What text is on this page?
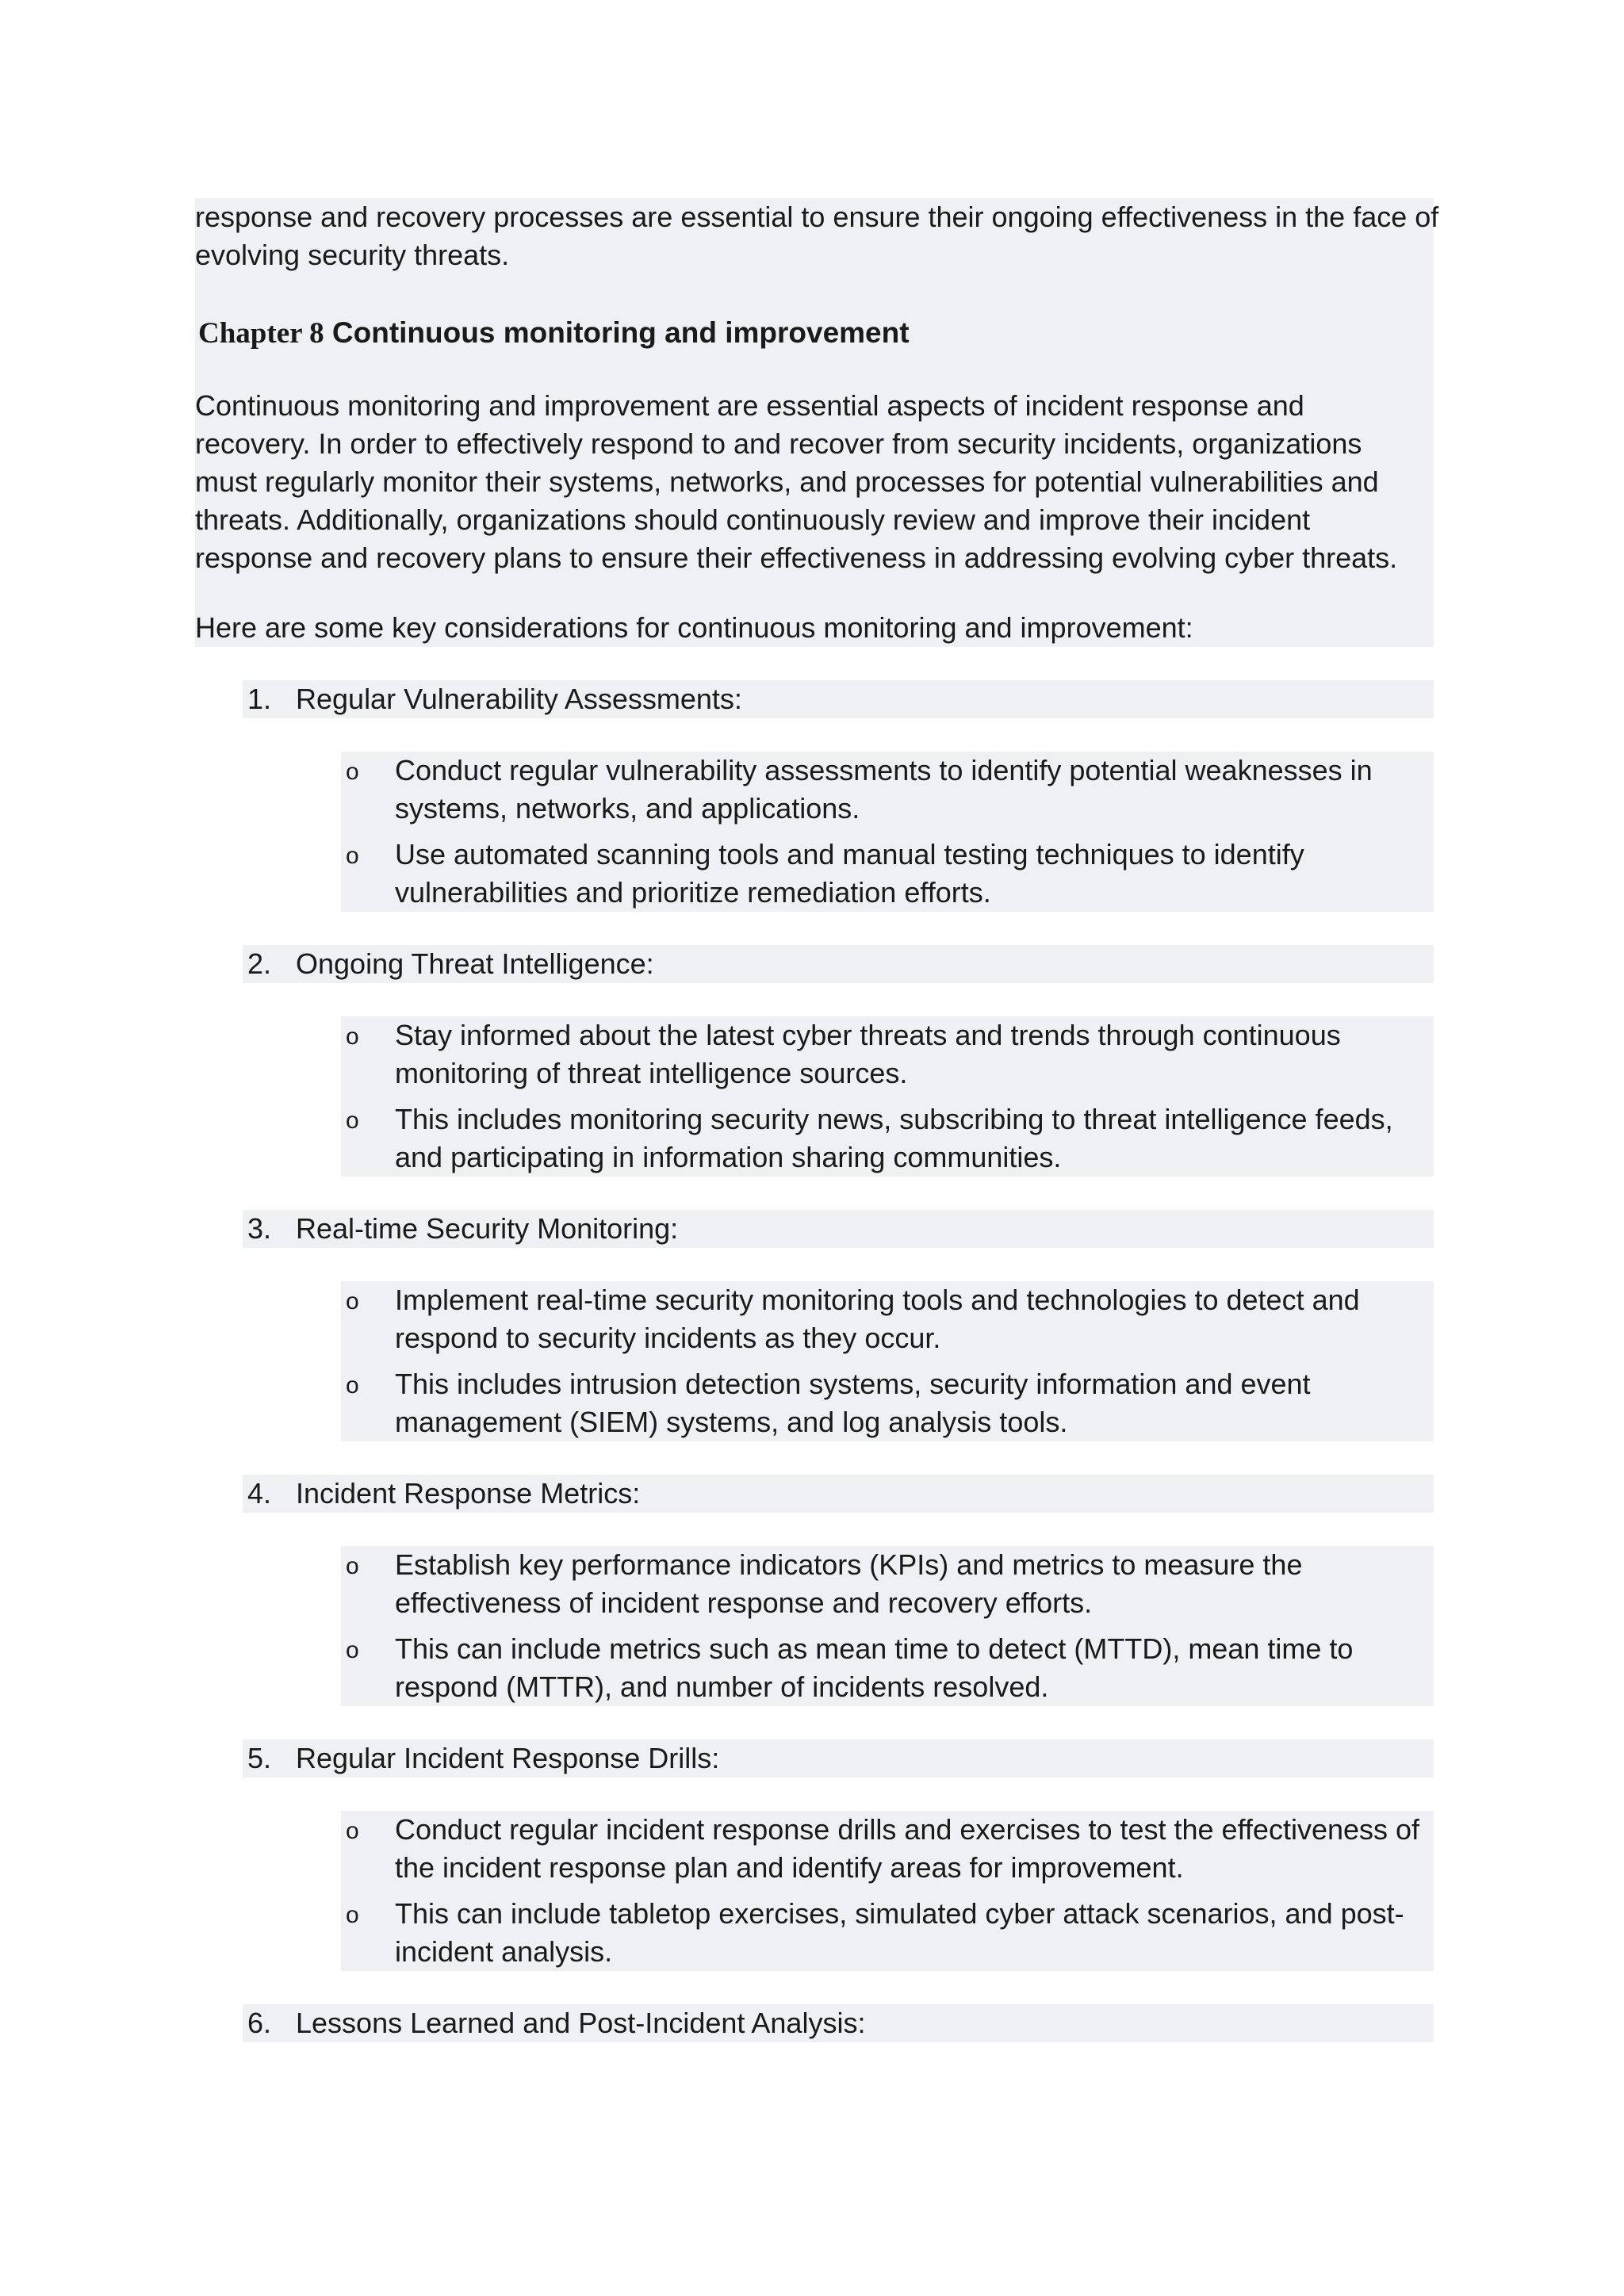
response and recovery processes are essential to ensure their ongoing effectiveness in the face of
evolving security threats.

Chapter 8 Continuous monitoring and improvement

Continuous monitoring and improvement are essential aspects of incident response and
recovery. In order to effectively respond to and recover from security incidents, organizations
must regularly monitor their systems, networks, and processes for potential vulnerabilities and
threats. Additionally, organizations should continuously review and improve their incident
response and recovery plans to ensure their effectiveness in addressing evolving cyber threats.

Here are some key considerations for continuous monitoring and improvement:

1. Regular Vulnerability Assessments:
o Conduct regular vulnerability assessments to identify potential weaknesses in
systems, networks, and applications.
o Use automated scanning tools and manual testing techniques to identify
vulnerabilities and prioritize remediation efforts.
2. Ongoing Threat Intelligence:
o Stay informed about the latest cyber threats and trends through continuous
monitoring of threat intelligence sources.
o This includes monitoring security news, subscribing to threat intelligence feeds,
and participating in information sharing communities.
3. Real-time Security Monitoring:
o Implement real-time security monitoring tools and technologies to detect and
respond to security incidents as they occur.
o This includes intrusion detection systems, security information and event
management (SIEM) systems, and log analysis tools.
4. Incident Response Metrics:
o Establish key performance indicators (KPIs) and metrics to measure the
effectiveness of incident response and recovery efforts.
o This can include metrics such as mean time to detect (MTTD), mean time to
respond (MTTR), and number of incidents resolved.
5. Regular Incident Response Drills:
o Conduct regular incident response drills and exercises to test the effectiveness of
the incident response plan and identify areas for improvement.
o This can include tabletop exercises, simulated cyber attack scenarios, and post-
incident analysis.
6. Lessons Learned and Post-Incident Analysis:
